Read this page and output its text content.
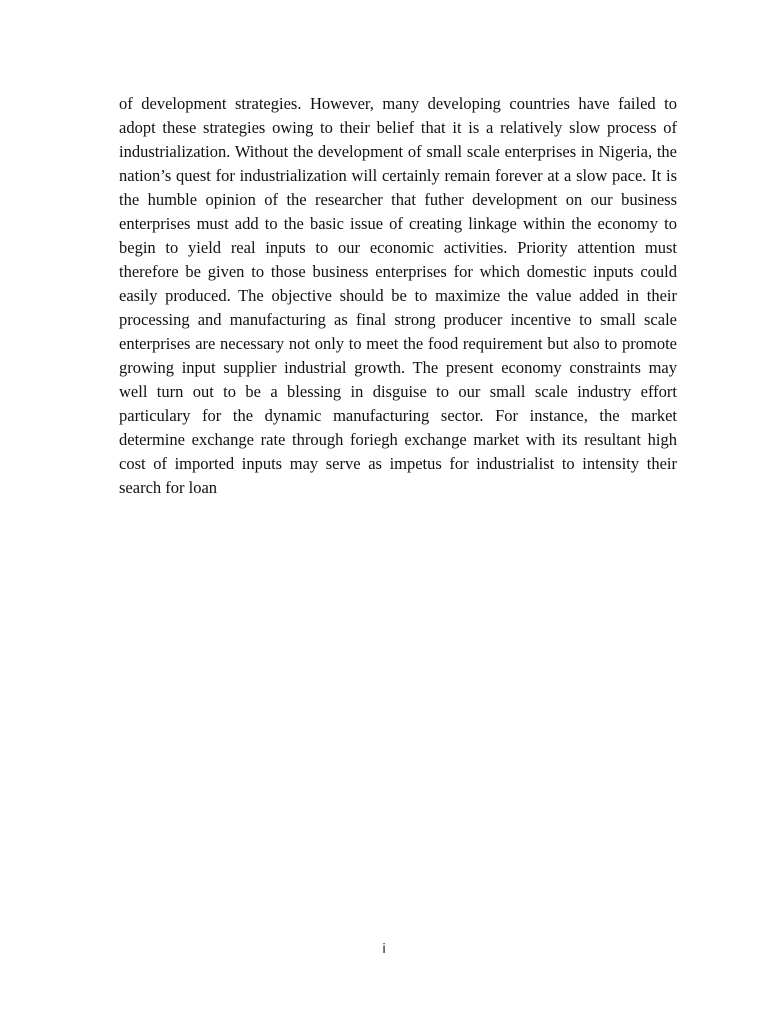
of development strategies. However, many developing countries have failed to adopt these strategies owing to their belief that it is a relatively slow process of industrialization. Without the development of small scale enterprises in Nigeria, the nation’s quest for industrialization will certainly remain forever at a slow pace. It is the humble opinion of the researcher that futher development on our business enterprises must add to the basic issue of creating linkage within the economy to begin to yield real inputs to our economic activities. Priority attention must therefore be given to those business enterprises for which domestic inputs could easily produced. The objective should be to maximize the value added in their processing and manufacturing as final strong producer incentive to small scale enterprises are necessary not only to meet the food requirement but also to promote growing input supplier industrial growth. The present economy constraints may well turn out to be a blessing in disguise to our small scale industry effort particulary for the dynamic manufacturing sector. For instance, the market determine exchange rate through foriegh exchange market with its resultant high cost of imported inputs may serve as impetus for industrialist to intensity their search for loan

i
